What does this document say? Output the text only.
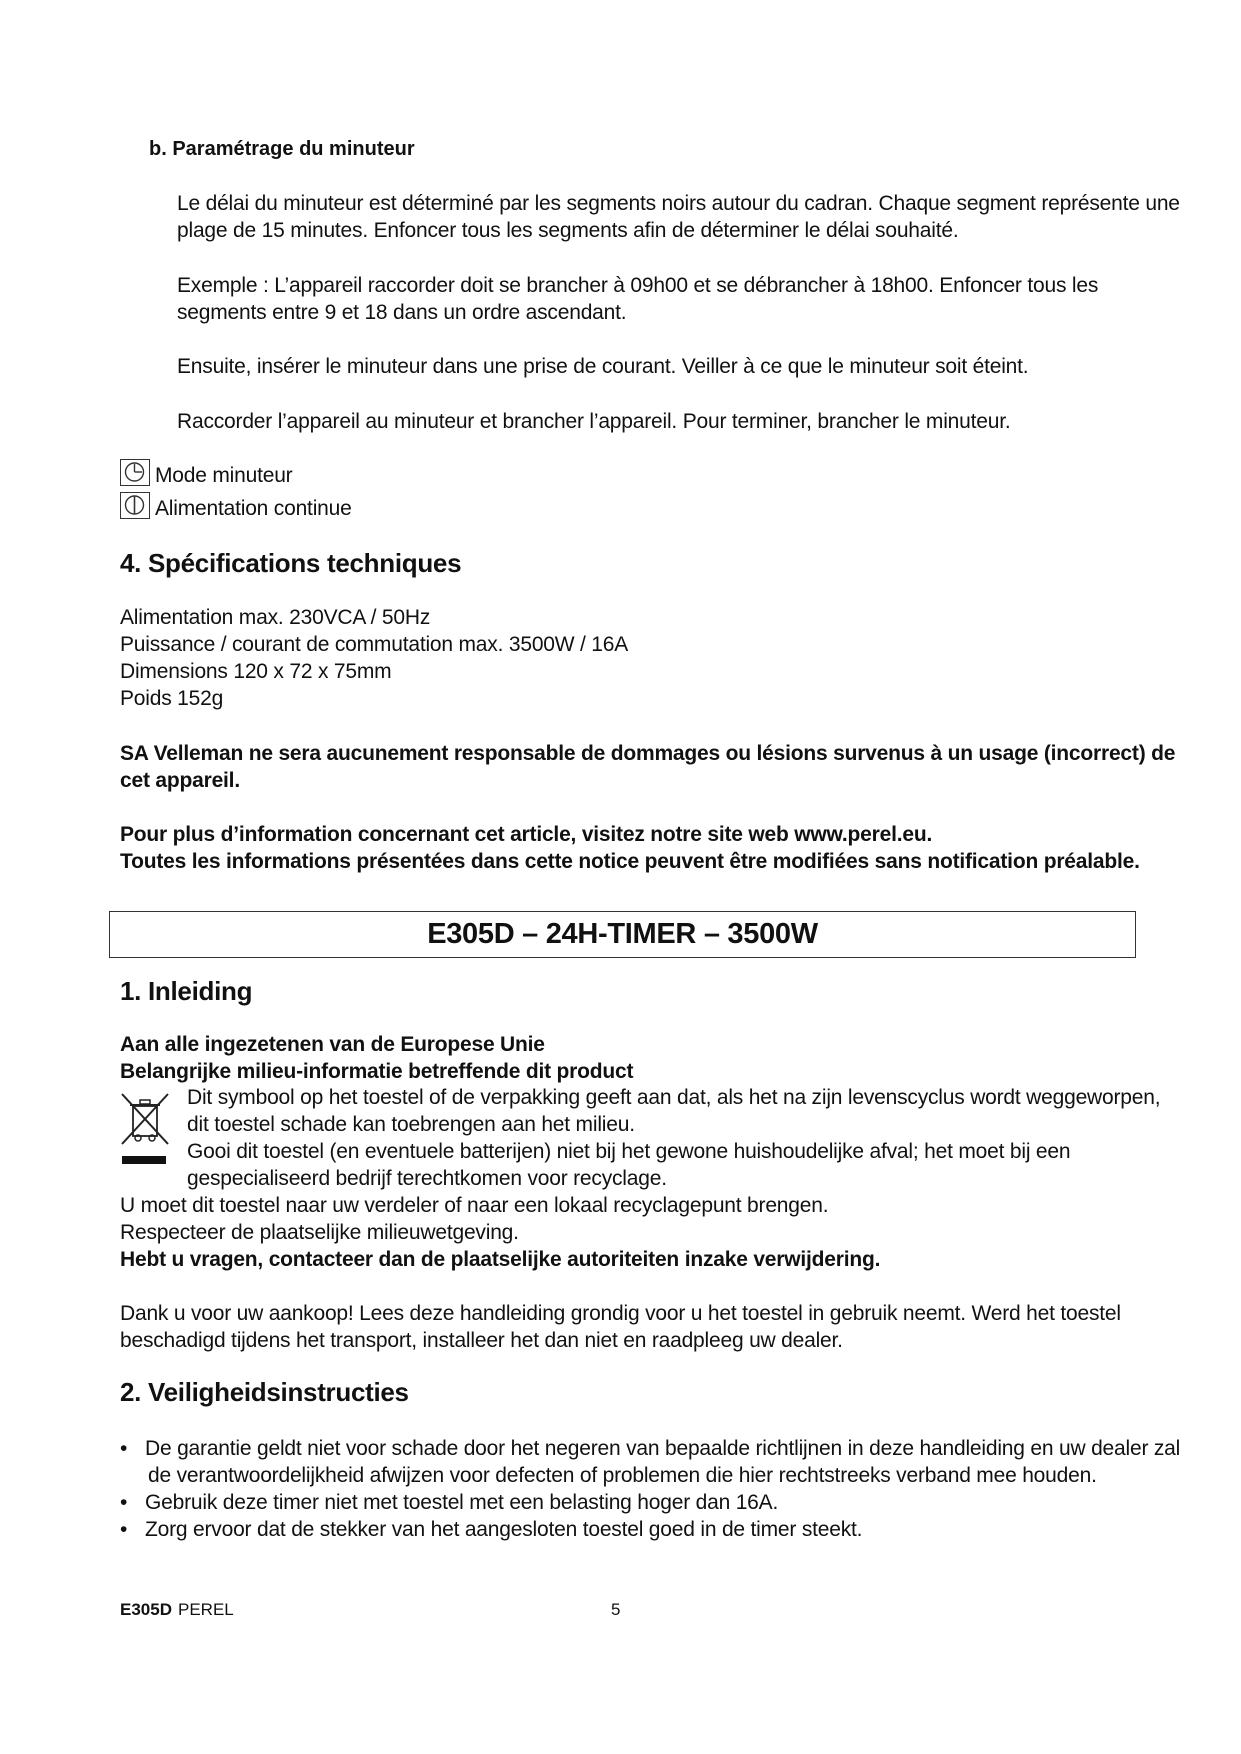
b. Paramétrage du minuteur
Le délai du minuteur est déterminé par les segments noirs autour du cadran. Chaque segment représente une
plage de 15 minutes. Enfoncer tous les segments afin de déterminer le délai souhaité.
Exemple : L’appareil raccorder doit se brancher à 09h00 et se débrancher à 18h00. Enfoncer tous les
segments entre 9 et 18 dans un ordre ascendant.
Ensuite, insérer le minuteur dans une prise de courant. Veiller à ce que le minuteur soit éteint.
Raccorder l’appareil au minuteur et brancher l’appareil. Pour terminer, brancher le minuteur.
Mode minuteur
Alimentation continue
4. Spécifications techniques
Alimentation max. 230VCA / 50Hz
Puissance / courant de commutation max. 3500W / 16A
Dimensions 120 x 72 x 75mm
Poids 152g
SA Velleman ne sera aucunement responsable de dommages ou lésions survenus à un usage (incorrect) de
cet appareil.
Pour plus d’information concernant cet article, visitez notre site web www.perel.eu.
Toutes les informations présentées dans cette notice peuvent être modifiées sans notification préalable.
E305D – 24H-TIMER – 3500W
1. Inleiding
Aan alle ingezetenen van de Europese Unie
Belangrijke milieu-informatie betreffende dit product
Dit symbool op het toestel of de verpakking geeft aan dat, als het na zijn levenscyclus wordt weggeworpen,
dit toestel schade kan toebrengen aan het milieu.
Gooi dit toestel (en eventuele batterijen) niet bij het gewone huishoudelijke afval; het moet bij een
gespecialiseerd bedrijf terechtkomen voor recyclage.
U moet dit toestel naar uw verdeler of naar een lokaal recyclagepunt brengen.
Respecteer de plaatselijke milieuwetgeving.
Hebt u vragen, contacteer dan de plaatselijke autoriteiten inzake verwijdering.
Dank u voor uw aankoop! Lees deze handleiding grondig voor u het toestel in gebruik neemt. Werd het toestel
beschadigd tijdens het transport, installeer het dan niet en raadpleeg uw dealer.
2. Veiligheidsinstructies
• De garantie geldt niet voor schade door het negeren van bepaalde richtlijnen in deze handleiding en uw dealer zal
de verantwoordelijkheid afwijzen voor defecten of problemen die hier rechtstreeks verband mee houden.
• Gebruik deze timer niet met toestel met een belasting hoger dan 16A.
• Zorg ervoor dat de stekker van het aangesloten toestel goed in de timer steekt.
E305D PEREL	5
